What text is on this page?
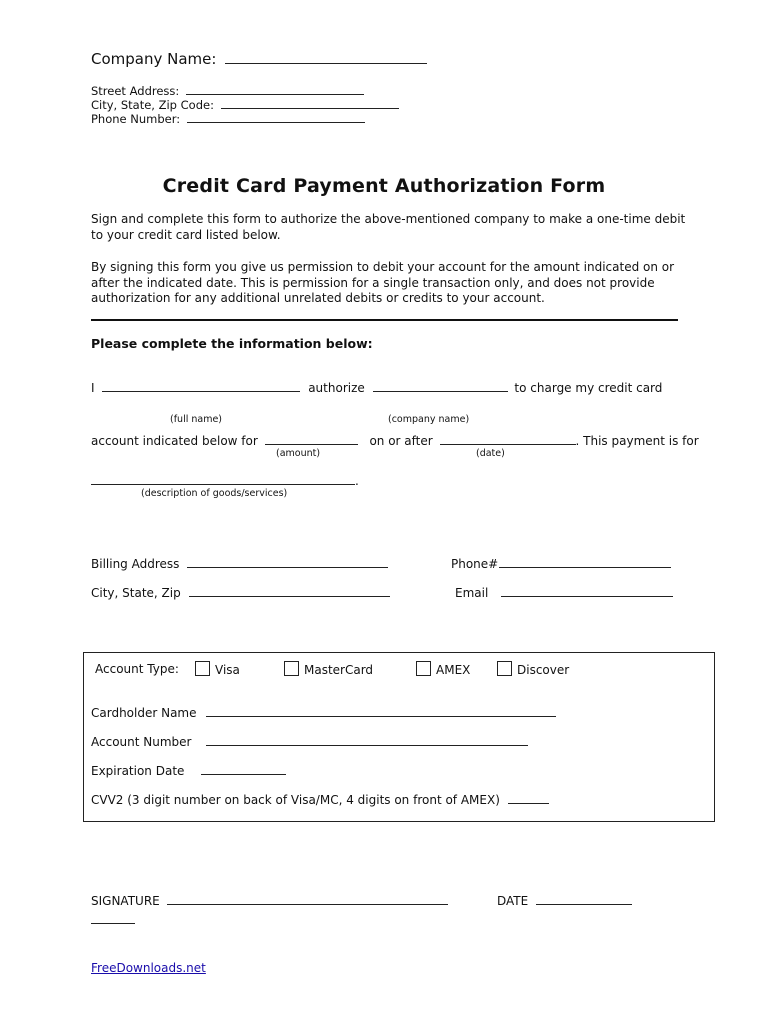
Company Name:
Street Address:
City, State, Zip Code:
Phone Number:
Credit Card Payment Authorization Form
Sign and complete this form to authorize the above-mentioned company to make a one-time debit to your credit card listed below.
By signing this form you give us permission to debit your account for the amount indicated on or after the indicated date. This is permission for a single transaction only, and does not provide authorization for any additional unrelated debits or credits to your account.
Please complete the information below:
I	authorize	to charge my credit card
(full name)	(company name)
account indicated below for	on or after	. This payment is for
(amount)	(date)
.
(description of goods/services)
Billing Address	Phone#
City, State, Zip	Email
Account Type:	Visa	MasterCard	AMEX	Discover
Cardholder Name
Account Number
Expiration Date
CVV2 (3 digit number on back of Visa/MC, 4 digits on front of AMEX)
SIGNATURE	DATE
FreeDownloads.net
